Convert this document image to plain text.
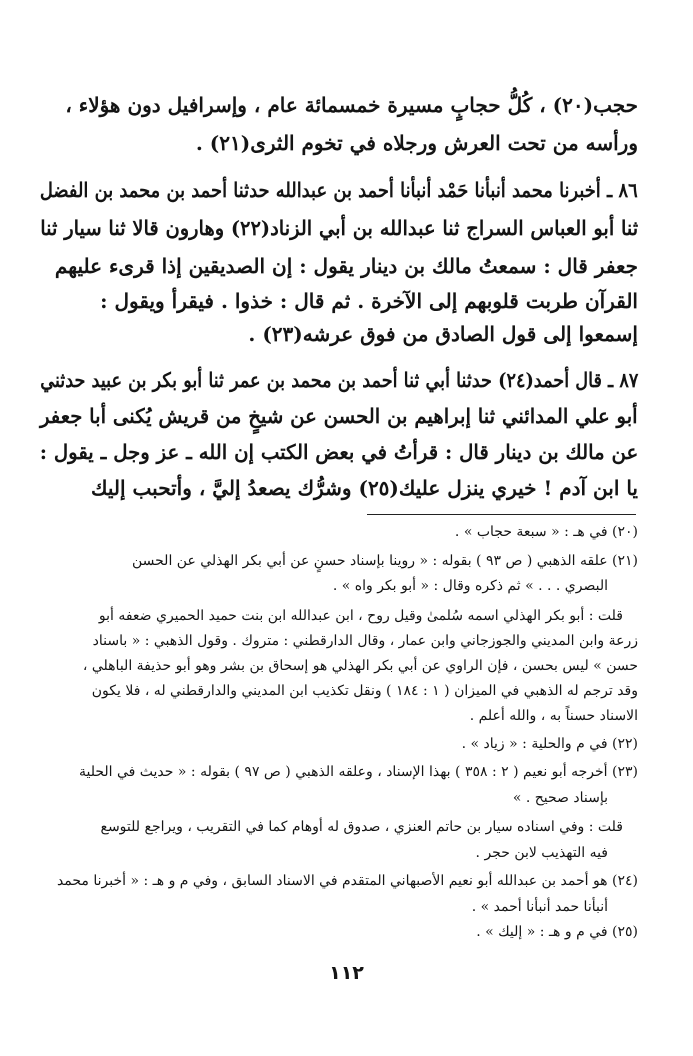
حجب(٢٠) ، كُلُّ حجابٍ مسيرة خمسمائة عام ، وإسرافيل دون هؤلاء ،
ورأسه من تحت العرش ورجلاه في تخوم الثرى(٢١) .
٨٦ ـ أخبرنا محمد أنبأنا حَمْد أنبأنا أحمد بن عبدالله حدثنا أحمد بن محمد بن الفضل
ثنا أبو العباس السراج ثنا عبدالله بن أبي الزناد(٢٢) وهارون قالا ثنا سيار ثنا
جعفر قال : سمعتُ مالك بن دينار يقول : إن الصديقين إذا قرىء عليهم
القرآن طربت قلوبهم إلى الآخرة . ثم قال : خذوا . فيقرأ ويقول :
إسمعوا إلى قول الصادق من فوق عرشه(٢٣) .
٨٧ ـ قال أحمد(٢٤) حدثنا أبي ثنا أحمد بن محمد بن عمر ثنا أبو بكر بن عبيد حدثني
أبو علي المدائني ثنا إبراهيم بن الحسن عن شيخٍ من قريش يُكنى أبا جعفر
عن مالك بن دينار قال : قرأتُ في بعض الكتب إن الله ـ عز وجل ـ يقول :
يا ابن آدم ! خيري ينزل عليك(٢٥) وشرُّك يصعدُ إليَّ ، وأتحبب إليك
(٢٠) في هـ : « سبعة حجاب » .
(٢١) علقه الذهبي ( ص ٩٣ ) بقوله : « روينا بإسناد حسنٍ عن أبي بكر الهذلي عن الحسن
البصري . . . » ثم ذكره وقال : « أبو بكر واه » .
قلت : أبو بكر الهذلي اسمه سُلمىٰ وقيل روح ، ابن عبدالله ابن بنت حميد الحميري ضعفه أبو
زرعة وابن المديني والجوزجاني وابن عمار ، وقال الدارقطني : متروك . وقول الذهبي : « باسناد
حسن » ليس بحسن ، فإن الراوي عن أبي بكر الهذلي هو إسحاق بن بشر وهو أبو حذيفة الباهلي ،
وقد ترجم له الذهبي في الميزان ( ١ : ١٨٤ ) ونقل تكذيب ابن المديني والدارقطني له ، فلا يكون
الاسناد حسناً به ، والله أعلم .
(٢٢) في م والحلية : « زياد » .
(٢٣) أخرجه أبو نعيم ( ٢ : ٣٥٨ ) بهذا الإسناد ، وعلقه الذهبي ( ص ٩٧ ) بقوله : « حديث في الحلية
بإسناد صحيح . »
قلت : وفي اسناده سيار بن حاتم العنزي ، صدوق له أوهام كما في التقريب ، ويراجع للتوسع
فيه التهذيب لابن حجر .
(٢٤) هو أحمد بن عبدالله أبو نعيم الأصبهاني المتقدم في الاسناد السابق ، وفي م و هـ : « أخبرنا محمد
أنبأنا حمد أنبأنا أحمد » .
(٢٥) في م و هـ : « إليك » .
١١٢
